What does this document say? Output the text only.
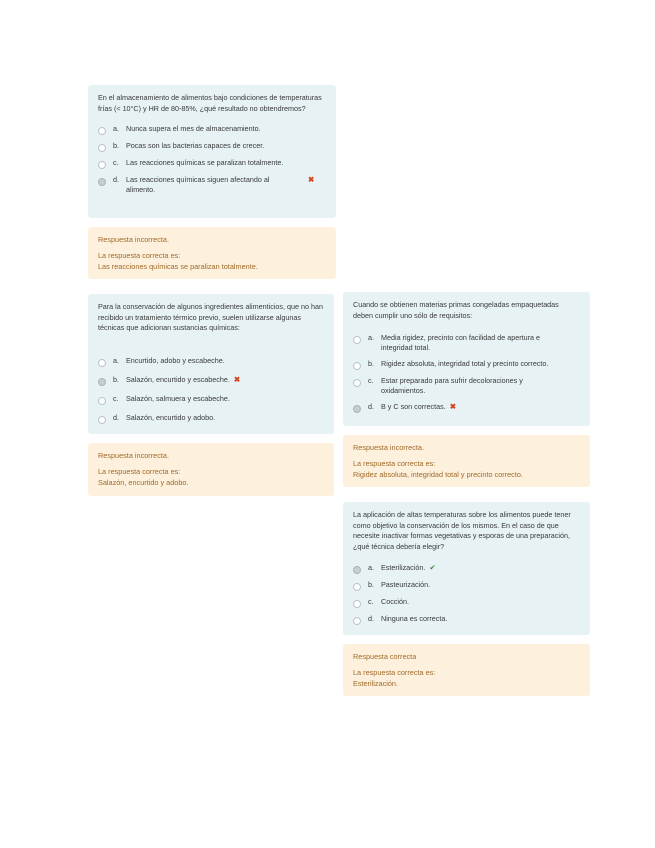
En el almacenamiento de alimentos bajo condiciones de temperaturas frías (< 10°C) y HR de 80-85%, ¿qué resultado no obtendremos?

a. Nunca supera el mes de almacenamiento.
b. Pocas son las bacterias capaces de crecer.
c.	Las reacciones químicas se paralizan totalmente.
d. Las reacciones químicas siguen afectando al alimento.
✖
Respuesta incorrecta.
La respuesta correcta es:
Las reacciones químicas se paralizan totalmente.

Para la conservación de algunos ingredientes alimenticios, que no han recibido un tratamiento térmico previo, suelen utilizarse algunas técnicas que adicionan sustancias químicas:

a. Encurtido, adobo y escabeche.
b. Salazón, encurtido y escabeche. ✖
c.	Salazón, salmuera y escabeche.
d. Salazón, encurtido y adobo.
Respuesta incorrecta.
La respuesta correcta es:
Salazón, encurtido y adobo.

Cuando se obtienen materias primas congeladas empaquetadas deben cumplir uno sólo de requisitos:

a. Media rigidez, precinto con facilidad de apertura e integridad total.
b. Rigidez absoluta, integridad total y precinto correcto.
c.	Estar preparado para sufrir decoloraciones y oxidamientos.
d. B y C son correctas. ✖
Respuesta incorrecta.
La respuesta correcta es:
Rigidez absoluta, integridad total y precinto correcto.

La aplicación de altas temperaturas sobre los alimentos puede tener como objetivo la conservación de los mismos. En el caso de que necesite inactivar formas vegetativas y esporas de una preparación, ¿qué técnica debería elegir?

a. Esterilización. ✔
b. Pasteurización.
c.	Cocción.
d. Ninguna es correcta.
Respuesta correcta
La respuesta correcta es:
Esterilización.
